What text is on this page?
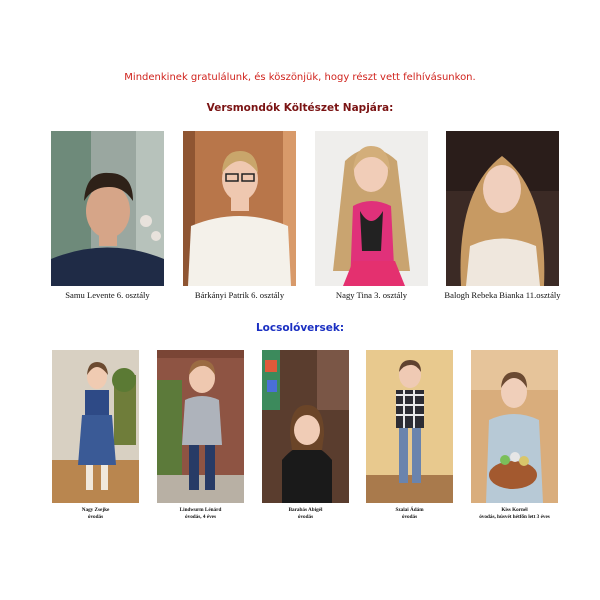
Mindenkinek gratulálunk, és köszönjük, hogy részt vett felhívásunkon.
Versmondók Költészet Napjára:
Samu Levente 6. osztály	Bárkányi Patrik 6. osztály	Nagy Tina 3. osztály	Balogh Rebeka Bianka 11.osztály
Locsolóversek:
Nagy Zsejke
óvodás
Lindwurm Lénárd
óvodás, 4 éves
Barabás Abigél
óvodás
Szalai Ádám
óvodás
Kiss Kornél
óvodás, húsvét hétfőn lett 3 éves
